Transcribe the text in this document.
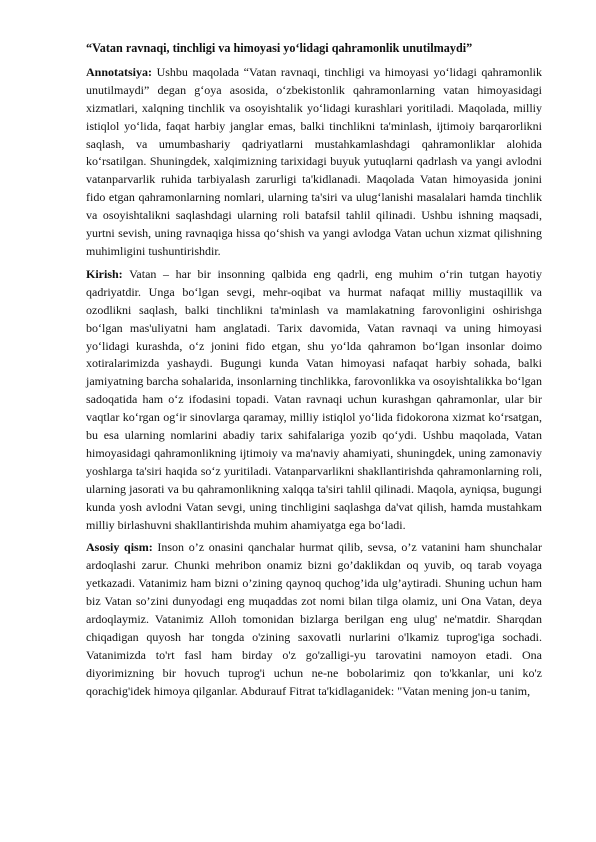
“Vatan ravnaqi, tinchligi va himoyasi yo‘lidagi qahramonlik unutilmaydi”

Annotatsiya: Ushbu maqolada “Vatan ravnaqi, tinchligi va himoyasi yo‘lidagi qahramonlik unutilmaydi” degan g‘oya asosida, o‘zbekistonlik qahramonlarning vatan himoyasidagi xizmatlari, xalqning tinchlik va osoyishtalik yo‘lidagi kurashlari yoritiladi. Maqolada, milliy istiqlol yo‘lida, faqat harbiy janglar emas, balki tinchlikni ta'minlash, ijtimoiy barqarorlikni saqlash, va umumbashariy qadriyatlarni mustahkamlashdagi qahramonliklar alohida ko‘rsatilgan. Shuningdek, xalqimizning tarixidagi buyuk yutuqlarni qadrlash va yangi avlodni vatanparvarlik ruhida tarbiyalash zarurligi ta'kidlanadi. Maqolada Vatan himoyasida jonini fido etgan qahramonlarning nomlari, ularning ta'siri va ulug‘lanishi masalalari hamda tinchlik va osoyishtalikni saqlashdagi ularning roli batafsil tahlil qilinadi. Ushbu ishning maqsadi, yurtni sevish, uning ravnaqiga hissa qo‘shish va yangi avlodga Vatan uchun xizmat qilishning muhimligini tushuntirishdir.

Kirish: Vatan – har bir insonning qalbida eng qadrli, eng muhim o‘rin tutgan hayotiy qadriyatdir. Unga bo‘lgan sevgi, mehr-oqibat va hurmat nafaqat milliy mustaqillik va ozodlikni saqlash, balki tinchlikni ta'minlash va mamlakatning farovonligini oshirishga bo‘lgan mas'uliyatni ham anglatadi. Tarix davomida, Vatan ravnaqi va uning himoyasi yo‘lidagi kurashda, o‘z jonini fido etgan, shu yo‘lda qahramon bo‘lgan insonlar doimo xotiralarimizda yashaydi. Bugungi kunda Vatan himoyasi nafaqat harbiy sohada, balki jamiyatning barcha sohalarida, insonlarning tinchlikka, farovonlikka va osoyishtalikka bo‘lgan sadoqatida ham o‘z ifodasini topadi. Vatan ravnaqi uchun kurashgan qahramonlar, ular bir vaqtlar ko‘rgan og‘ir sinovlarga qaramay, milliy istiqlol yo‘lida fidokorona xizmat ko‘rsatgan, bu esa ularning nomlarini abadiy tarix sahifalariga yozib qo‘ydi. Ushbu maqolada, Vatan himoyasidagi qahramonlikning ijtimoiy va ma'naviy ahamiyati, shuningdek, uning zamonaviy yoshlarga ta'siri haqida so‘z yuritiladi. Vatanparvarlikni shakllantirishda qahramonlarning roli, ularning jasorati va bu qahramonlikning xalqqa ta'siri tahlil qilinadi. Maqola, ayniqsa, bugungi kunda yosh avlodni Vatan sevgi, uning tinchligini saqlashga da'vat qilish, hamda mustahkam milliy birlashuvni shakllantirishda muhim ahamiyatga ega bo‘ladi.

Asosiy qism: Inson o’z onasini qanchalar hurmat qilib, sevsa, o’z vatanini ham shunchalar ardoqlashi zarur. Chunki mehribon onamiz bizni go’daklikdan oq yuvib, oq tarab voyaga yetkazadi. Vatanimiz ham bizni o’zining qaynoq quchog’ida ulg’aytiradi. Shuning uchun ham biz Vatan so’zini dunyodagi eng muqaddas zot nomi bilan tilga olamiz, uni Ona Vatan, deya ardoqlaymiz. Vatanimiz Alloh tomonidan bizlarga berilgan eng ulug' ne'matdir. Sharqdan chiqadigan quyosh har tongda o'zining saxovatli nurlarini o'lkamiz tuprog'iga sochadi. Vatanimizda to'rt fasl ham birday o'z go'zalligi-yu tarovatini namoyon etadi. Ona diyorimizning bir hovuch tuprog'i uchun ne-ne bobolarimiz qon to'kkanlar, uni ko'z qorachig'idek himoya qilganlar. Abdurauf Fitrat ta'kidlaganidek: "Vatan mening jon-u tanim,
